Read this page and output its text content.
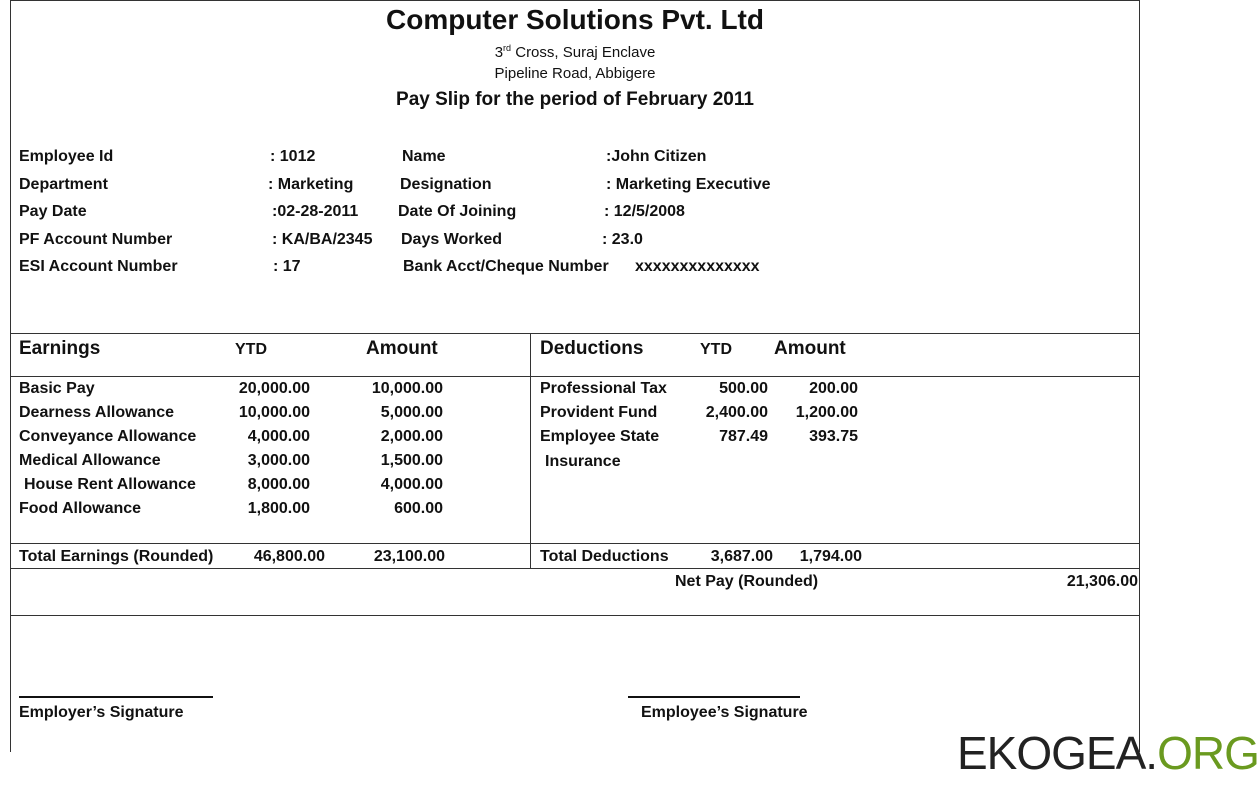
Computer Solutions Pvt. Ltd
3rd Cross, Suraj Enclave
Pipeline Road, Abbigere
Pay Slip for the period of February 2011
Employee Id	: 1012
Department	: Marketing
Pay Date	:02-28-2011
PF Account Number	: KA/BA/2345
ESI Account Number	: 17
Name	:John Citizen
Designation	: Marketing Executive
Date Of Joining	: 12/5/2008
Days Worked	: 23.0
Bank Acct/Cheque Number xxxxxxxxxxxxxx
Earnings	YTD	Amount
Basic Pay	20,000.00	10,000.00
Dearness Allowance	10,000.00	5,000.00
Conveyance Allowance	4,000.00	2,000.00
Medical Allowance	3,000.00	1,500.00
House Rent Allowance	8,000.00	4,000.00
Food Allowance	1,800.00	600.00
Total Earnings (Rounded)	46,800.00	23,100.00
Deductions	YTD Amount
Professional Tax	500.00	200.00
Provident Fund	2,400.00	1,200.00
Employee State	787.49	393.75
Insurance
Total Deductions	3,687.00	1,794.00
Net Pay (Rounded)	21,306.00
Employer’s Signature	Employee’s Signature
EKOGEA.ORG
